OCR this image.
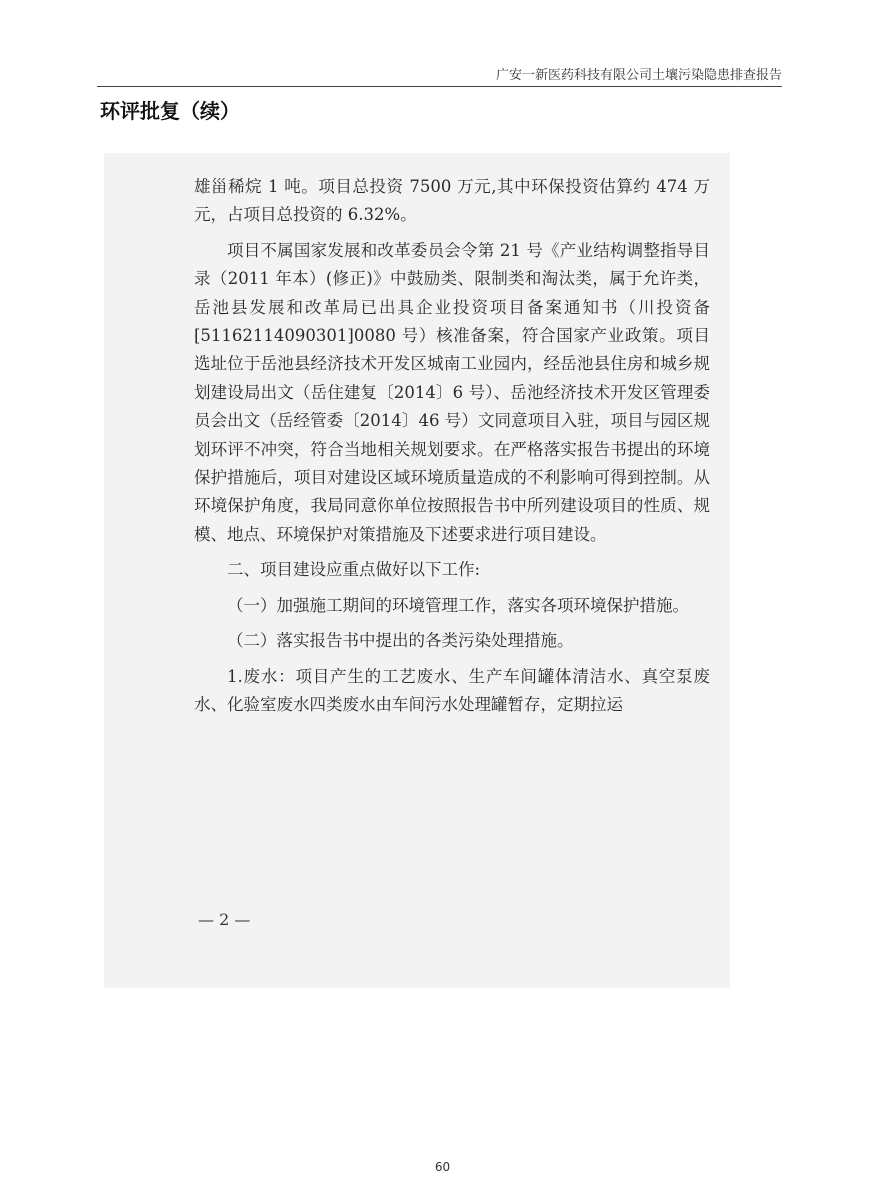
广安一新医药科技有限公司土壤污染隐患排查报告
环评批复（续）

雄甾稀烷 1 吨。项目总投资 7500 万元,其中环保投资估算约 474 万元，占项目总投资的 6.32%。

项目不属国家发展和改革委员会令第 21 号《产业结构调整指导目录（2011 年本）(修正)》中鼓励类、限制类和淘汰类，属于允许类，岳池县发展和改革局已出具企业投资项目备案通知书（川投资备[51162114090301]0080 号）核准备案，符合国家产业政策。项目选址位于岳池县经济技术开发区城南工业园内，经岳池县住房和城乡规划建设局出文（岳住建复〔2014〕6 号）、岳池经济技术开发区管理委员会出文（岳经管委〔2014〕46 号）文同意项目入驻，项目与园区规划环评不冲突，符合当地相关规划要求。在严格落实报告书提出的环境保护措施后，项目对建设区域环境质量造成的不利影响可得到控制。从环境保护角度，我局同意你单位按照报告书中所列建设项目的性质、规模、地点、环境保护对策措施及下述要求进行项目建设。

二、项目建设应重点做好以下工作:

（一）加强施工期间的环境管理工作，落实各项环境保护措施。

（二）落实报告书中提出的各类污染处理措施。

1.废水：项目产生的工艺废水、生产车间罐体清洁水、真空泵废水、化验室废水四类废水由车间污水处理罐暂存，定期拉运

— 2 —
60
